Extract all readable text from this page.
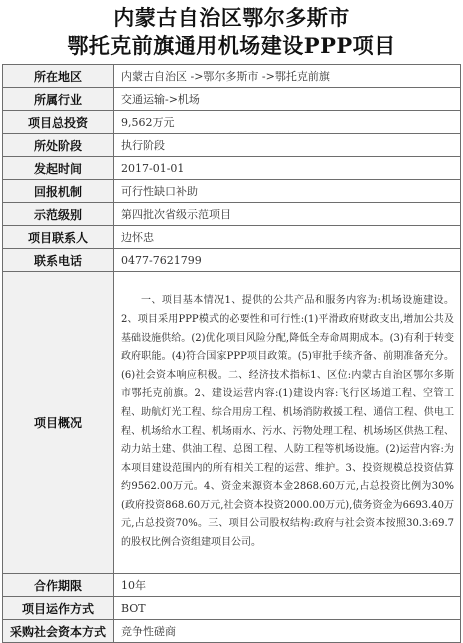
内蒙古自治区鄂尔多斯市
鄂托克前旗通用机场建设PPP项目
所在地区	内蒙古自治区 ->鄂尔多斯市 ->鄂托克前旗
所属行业	交通运输->机场
项目总投资	9,562万元
所处阶段	执行阶段
发起时间	2017-01-01
回报机制	可行性缺口补助
示范级别	第四批次省级示范项目
项目联系人	边怀忠
联系电话	0477-7621799
项目概况	一、项目基本情况1、提供的公共产品和服务内容为:机场设施建设。2、项目采用PPP模式的必要性和可行性:(1)平滑政府财政支出,增加公共及基础设施供给。(2)优化项目风险分配,降低全寿命周期成本。(3)有利于转变政府职能。(4)符合国家PPP项目政策。(5)审批手续齐备、前期准备充分。(6)社会资本响应积极。二、经济技术指标1、区位:内蒙古自治区鄂尔多斯市鄂托克前旗。2、建设运营内容:(1)建设内容:飞行区场道工程、空管工程、助航灯光工程、综合用房工程、机场消防救援工程、通信工程、供电工程、机场给水工程、机场雨水、污水、污物处理工程、机场场区供热工程、动力站土建、供油工程、总图工程、人防工程等机场设施。(2)运营内容:为本项目建设范围内的所有相关工程的运营、维护。3、投资规模总投资估算约9562.00万元。4、资金来源资本金2868.60万元,占总投资比例为30%(政府投资868.60万元,社会资本投资2000.00万元),债务资金为6693.40万元,占总投资70%。三、项目公司股权结构:政府与社会资本按照30.3:69.7的股权比例合资组建项目公司。
合作期限	10年
项目运作方式	BOT
采购社会资本方式	竞争性磋商
